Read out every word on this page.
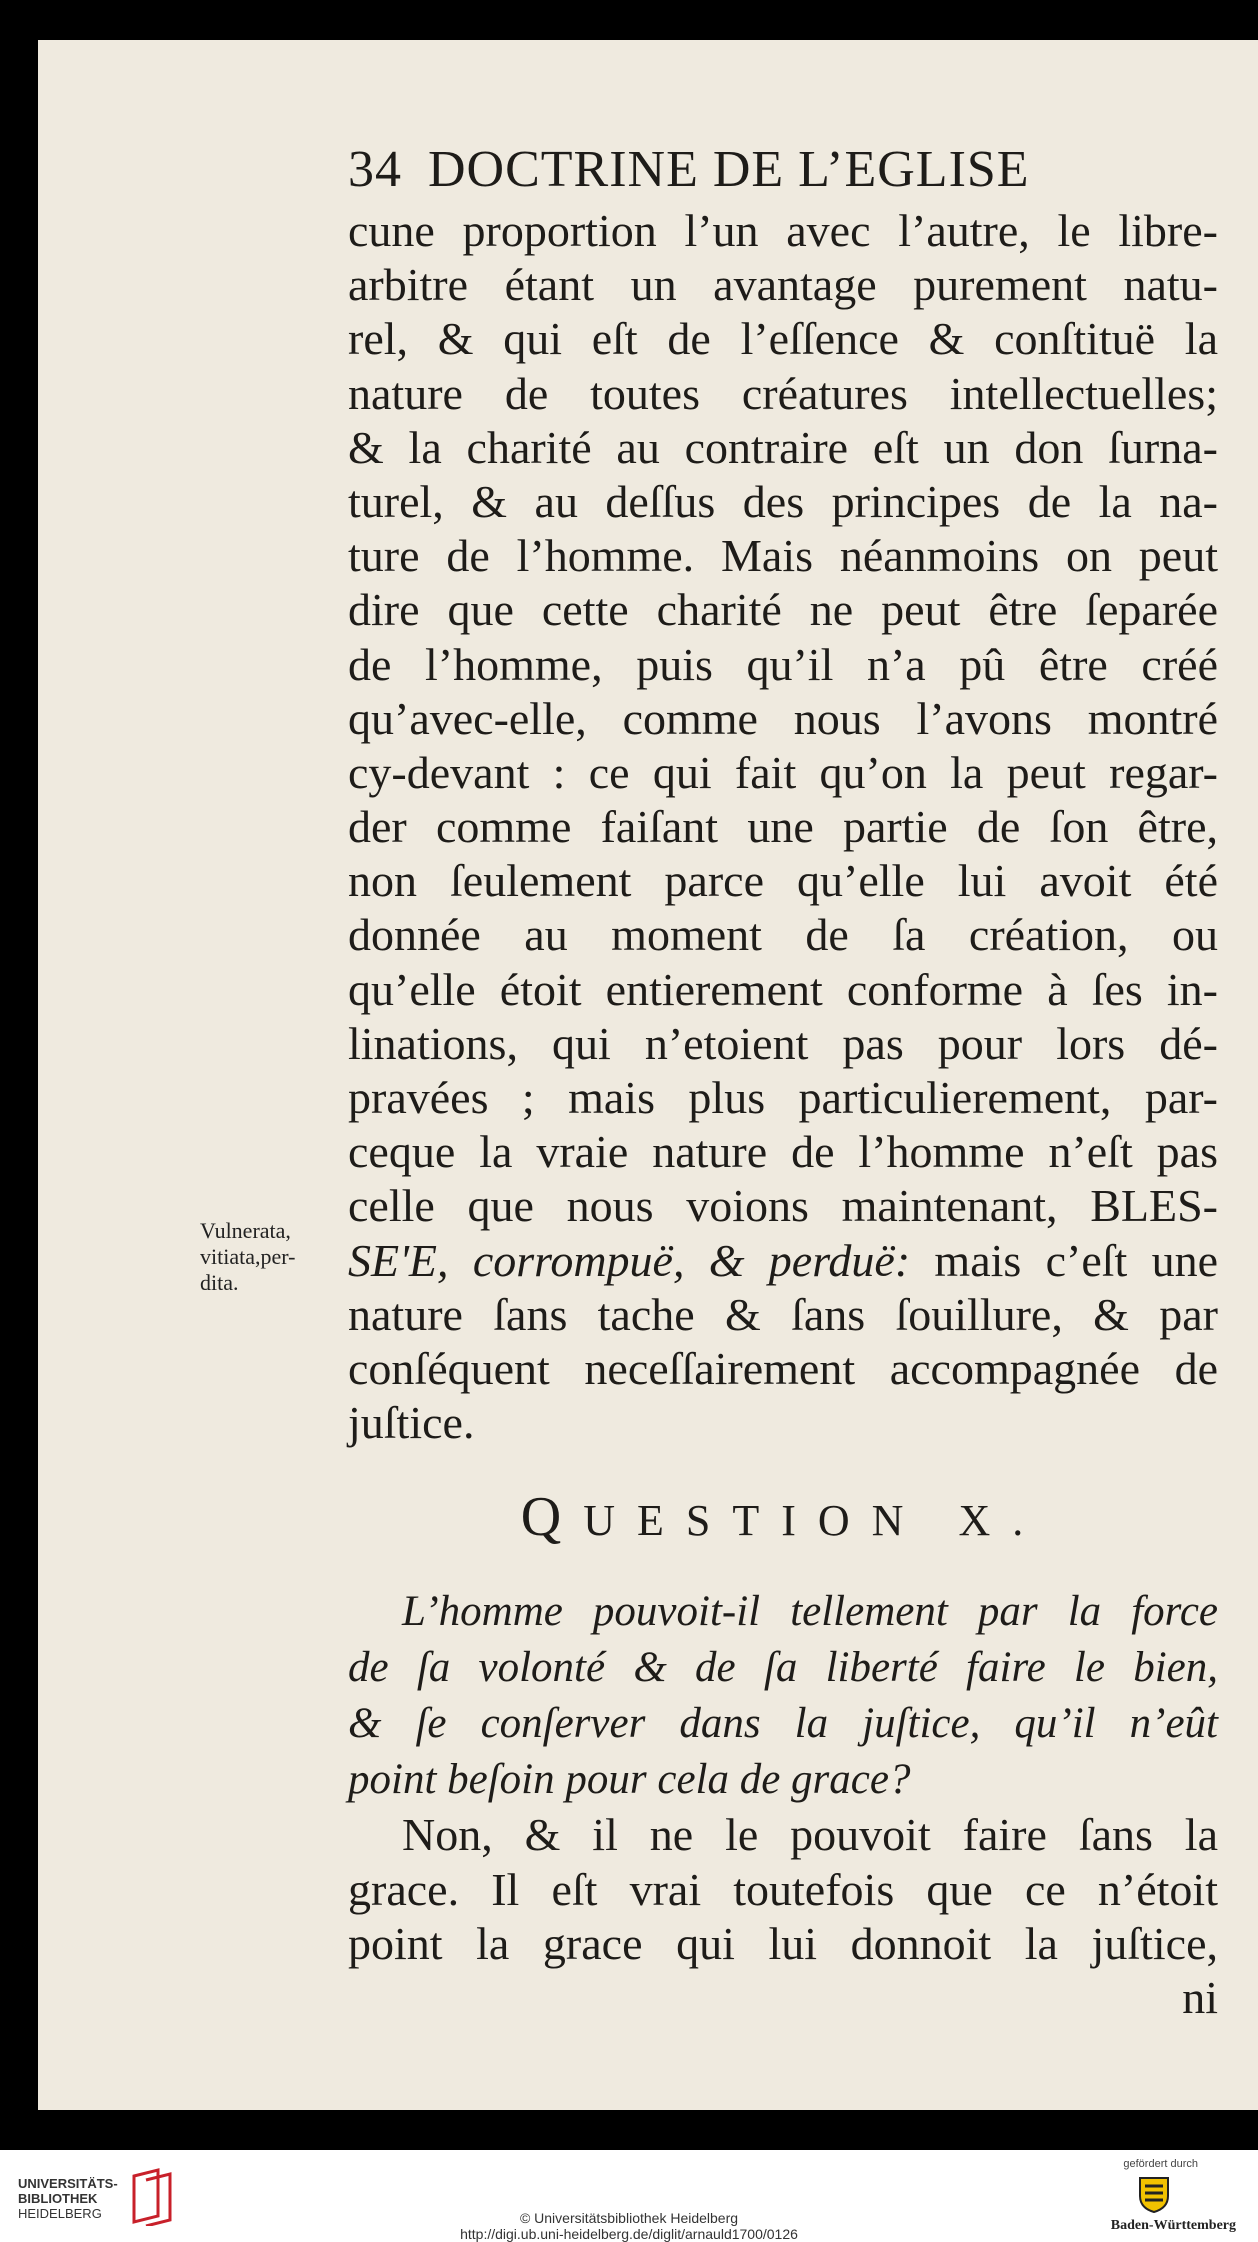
34 DOCTRINE DE L’EGLISE
cune proportion l’un avec l’autre, le libre-
arbitre étant un avantage purement natu-
rel, & qui eſt de l’eſſence & conſtituë la
nature de toutes créatures intellectuelles;
& la charité au contraire eſt un don ſurna-
turel, & au deſſus des principes de la na-
ture de l’homme. Mais néanmoins on peut
dire que cette charité ne peut être ſeparée
de l’homme, puis qu’il n’a pû être créé
qu’avec-elle, comme nous l’avons montré
cy-devant : ce qui fait qu’on la peut regar-
der comme faiſant une partie de ſon être,
non ſeulement parce qu’elle lui avoit été
donnée au moment de ſa création, ou
qu’elle étoit entierement conforme à ſes in-
linations, qui n’etoient pas pour lors dé-
pravées ; mais plus particulierement, par-
ceque la vraie nature de l’homme n’eſt pas
celle que nous voions maintenant, BLES-
SE'E, corrompuë, & perduë: mais c’eſt une
nature ſans tache & ſans ſouillure, & par
conſéquent neceſſairement accompagnée de
juſtice.
QUESTION X.
L’homme pouvoit-il tellement par la force
de ſa volonté & de ſa liberté faire le bien,
& ſe conſerver dans la juſtice, qu’il n’eût
point beſoin pour cela de grace?
Non, & il ne le pouvoit faire ſans la
grace. Il eſt vrai toutefois que ce n’étoit
point la grace qui lui donnoit la juſtice,
ni
Vulnerata,
vitiata,per-
dita.
UNIVERSITÄTS-
BIBLIOTHEK
HEIDELBERG	© Universitätsbibliothek Heidelberg
http://digi.ub.uni-heidelberg.de/diglit/arnauld1700/0126
gefördert durch
Baden-Württemberg
